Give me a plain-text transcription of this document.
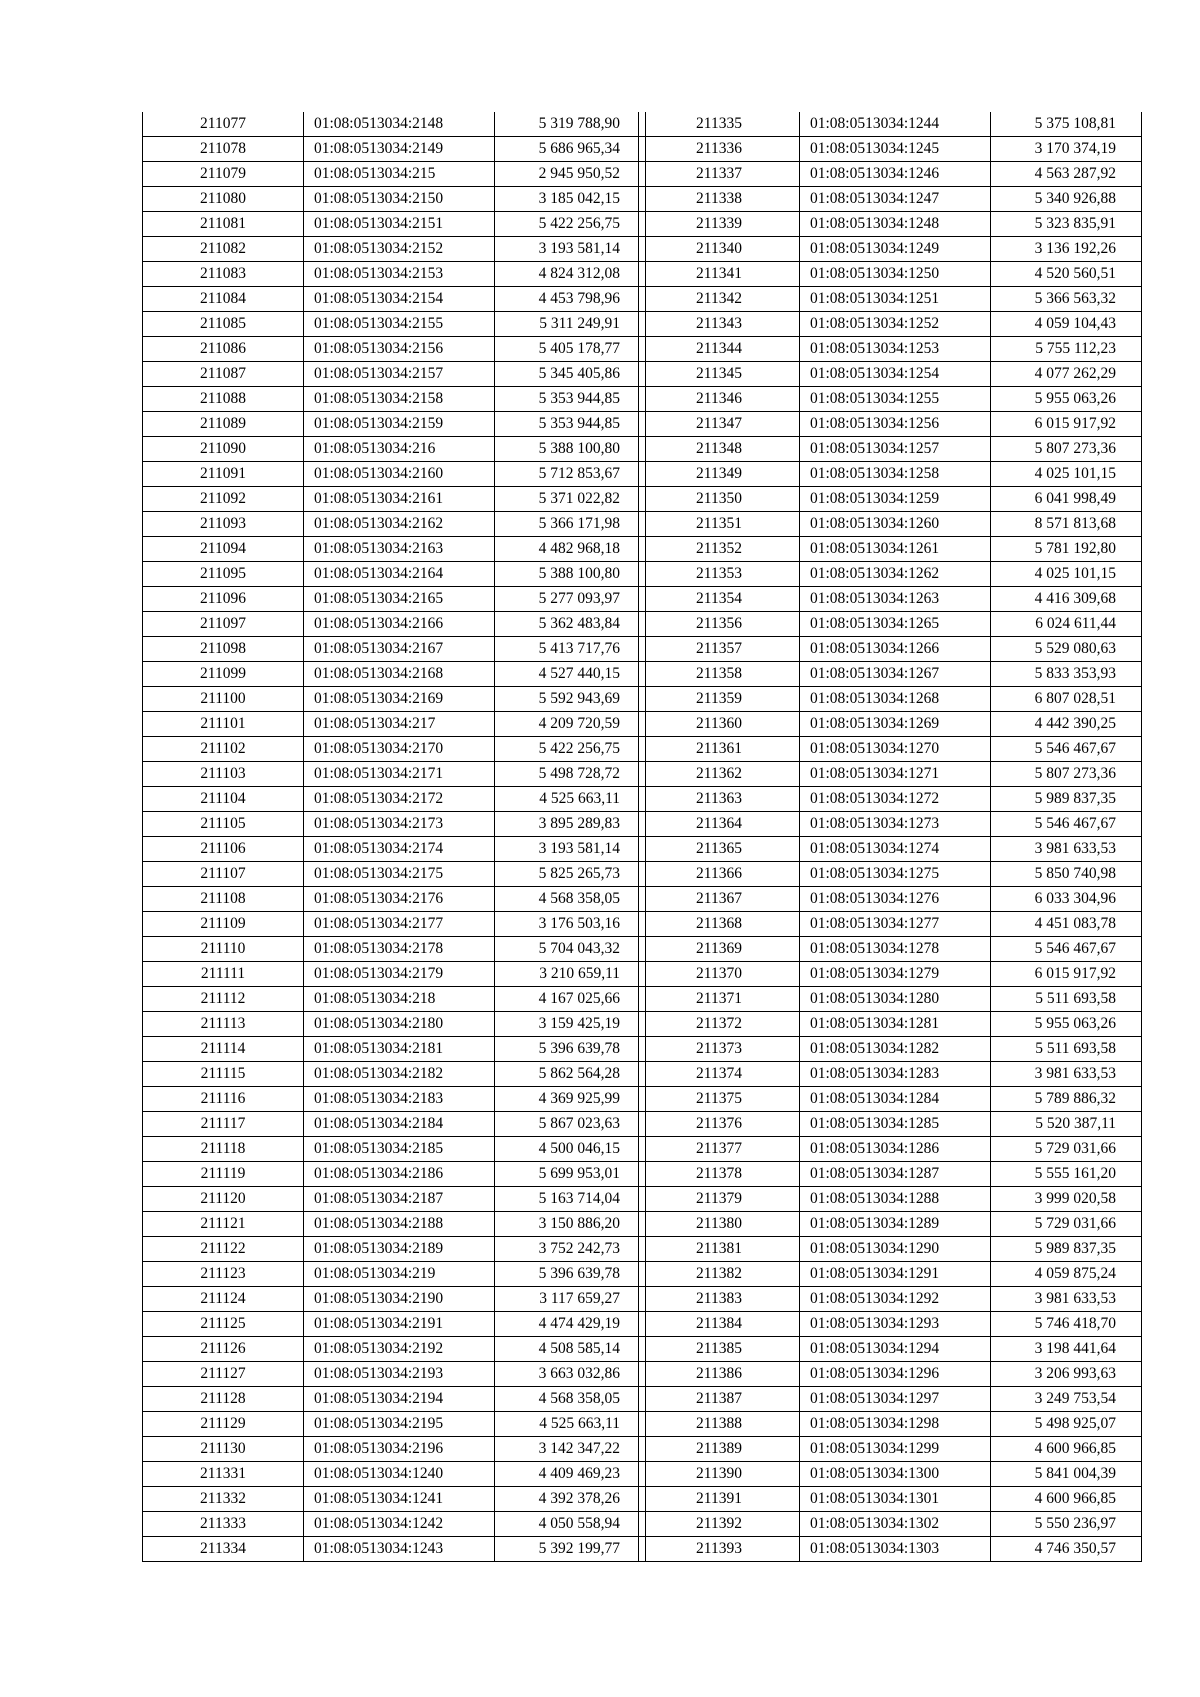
211077	01:08:0513034:2148	5 319 788,90
211078	01:08:0513034:2149	5 686 965,34
211079	01:08:0513034:215	2 945 950,52
211080	01:08:0513034:2150	3 185 042,15
211081	01:08:0513034:2151	5 422 256,75
211082	01:08:0513034:2152	3 193 581,14
211083	01:08:0513034:2153	4 824 312,08
211084	01:08:0513034:2154	4 453 798,96
211085	01:08:0513034:2155	5 311 249,91
211086	01:08:0513034:2156	5 405 178,77
211087	01:08:0513034:2157	5 345 405,86
211088	01:08:0513034:2158	5 353 944,85
211089	01:08:0513034:2159	5 353 944,85
211090	01:08:0513034:216	5 388 100,80
211091	01:08:0513034:2160	5 712 853,67
211092	01:08:0513034:2161	5 371 022,82
211093	01:08:0513034:2162	5 366 171,98
211094	01:08:0513034:2163	4 482 968,18
211095	01:08:0513034:2164	5 388 100,80
211096	01:08:0513034:2165	5 277 093,97
211097	01:08:0513034:2166	5 362 483,84
211098	01:08:0513034:2167	5 413 717,76
211099	01:08:0513034:2168	4 527 440,15
211100	01:08:0513034:2169	5 592 943,69
211101	01:08:0513034:217	4 209 720,59
211102	01:08:0513034:2170	5 422 256,75
211103	01:08:0513034:2171	5 498 728,72
211104	01:08:0513034:2172	4 525 663,11
211105	01:08:0513034:2173	3 895 289,83
211106	01:08:0513034:2174	3 193 581,14
211107	01:08:0513034:2175	5 825 265,73
211108	01:08:0513034:2176	4 568 358,05
211109	01:08:0513034:2177	3 176 503,16
211110	01:08:0513034:2178	5 704 043,32
211111	01:08:0513034:2179	3 210 659,11
211112	01:08:0513034:218	4 167 025,66
211113	01:08:0513034:2180	3 159 425,19
211114	01:08:0513034:2181	5 396 639,78
211115	01:08:0513034:2182	5 862 564,28
211116	01:08:0513034:2183	4 369 925,99
211117	01:08:0513034:2184	5 867 023,63
211118	01:08:0513034:2185	4 500 046,15
211119	01:08:0513034:2186	5 699 953,01
211120	01:08:0513034:2187	5 163 714,04
211121	01:08:0513034:2188	3 150 886,20
211122	01:08:0513034:2189	3 752 242,73
211123	01:08:0513034:219	5 396 639,78
211124	01:08:0513034:2190	3 117 659,27
211125	01:08:0513034:2191	4 474 429,19
211126	01:08:0513034:2192	4 508 585,14
211127	01:08:0513034:2193	3 663 032,86
211128	01:08:0513034:2194	4 568 358,05
211129	01:08:0513034:2195	4 525 663,11
211130	01:08:0513034:2196	3 142 347,22
211331	01:08:0513034:1240	4 409 469,23
211332	01:08:0513034:1241	4 392 378,26
211333	01:08:0513034:1242	4 050 558,94
211334	01:08:0513034:1243	5 392 199,77
211335	01:08:0513034:1244	5 375 108,81
211336	01:08:0513034:1245	3 170 374,19
211337	01:08:0513034:1246	4 563 287,92
211338	01:08:0513034:1247	5 340 926,88
211339	01:08:0513034:1248	5 323 835,91
211340	01:08:0513034:1249	3 136 192,26
211341	01:08:0513034:1250	4 520 560,51
211342	01:08:0513034:1251	5 366 563,32
211343	01:08:0513034:1252	4 059 104,43
211344	01:08:0513034:1253	5 755 112,23
211345	01:08:0513034:1254	4 077 262,29
211346	01:08:0513034:1255	5 955 063,26
211347	01:08:0513034:1256	6 015 917,92
211348	01:08:0513034:1257	5 807 273,36
211349	01:08:0513034:1258	4 025 101,15
211350	01:08:0513034:1259	6 041 998,49
211351	01:08:0513034:1260	8 571 813,68
211352	01:08:0513034:1261	5 781 192,80
211353	01:08:0513034:1262	4 025 101,15
211354	01:08:0513034:1263	4 416 309,68
211356	01:08:0513034:1265	6 024 611,44
211357	01:08:0513034:1266	5 529 080,63
211358	01:08:0513034:1267	5 833 353,93
211359	01:08:0513034:1268	6 807 028,51
211360	01:08:0513034:1269	4 442 390,25
211361	01:08:0513034:1270	5 546 467,67
211362	01:08:0513034:1271	5 807 273,36
211363	01:08:0513034:1272	5 989 837,35
211364	01:08:0513034:1273	5 546 467,67
211365	01:08:0513034:1274	3 981 633,53
211366	01:08:0513034:1275	5 850 740,98
211367	01:08:0513034:1276	6 033 304,96
211368	01:08:0513034:1277	4 451 083,78
211369	01:08:0513034:1278	5 546 467,67
211370	01:08:0513034:1279	6 015 917,92
211371	01:08:0513034:1280	5 511 693,58
211372	01:08:0513034:1281	5 955 063,26
211373	01:08:0513034:1282	5 511 693,58
211374	01:08:0513034:1283	3 981 633,53
211375	01:08:0513034:1284	5 789 886,32
211376	01:08:0513034:1285	5 520 387,11
211377	01:08:0513034:1286	5 729 031,66
211378	01:08:0513034:1287	5 555 161,20
211379	01:08:0513034:1288	3 999 020,58
211380	01:08:0513034:1289	5 729 031,66
211381	01:08:0513034:1290	5 989 837,35
211382	01:08:0513034:1291	4 059 875,24
211383	01:08:0513034:1292	3 981 633,53
211384	01:08:0513034:1293	5 746 418,70
211385	01:08:0513034:1294	3 198 441,64
211386	01:08:0513034:1296	3 206 993,63
211387	01:08:0513034:1297	3 249 753,54
211388	01:08:0513034:1298	5 498 925,07
211389	01:08:0513034:1299	4 600 966,85
211390	01:08:0513034:1300	5 841 004,39
211391	01:08:0513034:1301	4 600 966,85
211392	01:08:0513034:1302	5 550 236,97
211393	01:08:0513034:1303	4 746 350,57
